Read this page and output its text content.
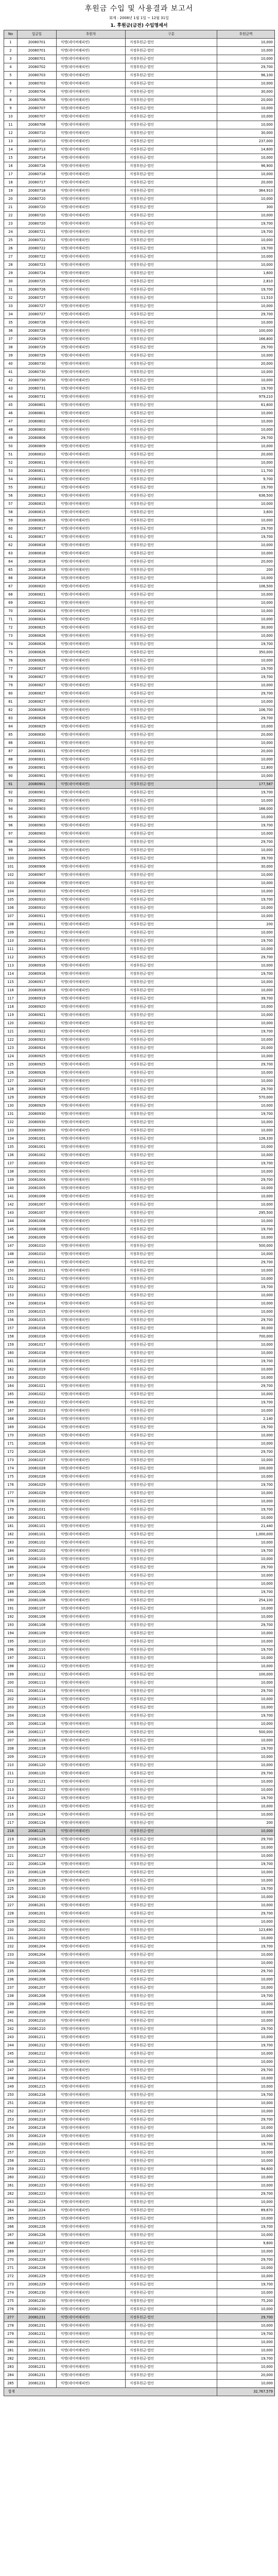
후원금 수입 및 사용결과 보고서
회계 : 2008년 1월 1일 ~ 12월 31일
1. 후원금(금전) 수입명세서
No	입금일	후원자	구분	후원금액
1	20080701	익명(네이버해피빈)	지정후원금-법인	10,000
2	20080701	익명(네이버해피빈)	지정후원금-법인	10,000
3	20080701	익명(네이버해피빈)	지정후원금-법인	10,000
4	20080702	익명(네이버해피빈)	지정후원금-법인	29,700
5	20080703	익명(네이버해피빈)	지정후원금-법인	96,100
6	20080703	익명(네이버해피빈)	지정후원금-법인	10,000
7	20080704	익명(네이버해피빈)	지정후원금-법인	30,000
8	20080706	익명(네이버해피빈)	지정후원금-법인	20,000
9	20080707	익명(네이버해피빈)	지정후원금-법인	10,000
10	20080707	익명(네이버해피빈)	지정후원금-법인	10,000
11	20080708	익명(네이버해피빈)	지정후원금-법인	10,000
12	20080710	익명(네이버해피빈)	지정후원금-법인	30,000
13	20080710	익명(네이버해피빈)	지정후원금-법인	237,000
14	20080713	익명(네이버해피빈)	지정후원금-법인	14,600
15	20080714	익명(네이버해피빈)	지정후원금-법인	10,000
16	20080716	익명(네이버해피빈)	지정후원금-법인	96,900
17	20080716	익명(네이버해피빈)	지정후원금-법인	10,000
18	20080717	익명(네이버해피빈)	지정후원금-법인	20,000
19	20080718	익명(네이버해피빈)	지정후원금-법인	364,910
20	20080720	익명(네이버해피빈)	지정후원금-법인	10,000
21	20080720	익명(네이버해피빈)	지정후원금-법인	300
22	20080720	익명(네이버해피빈)	지정후원금-법인	10,000
23	20080720	익명(네이버해피빈)	지정후원금-법인	19,700
24	20080721	익명(네이버해피빈)	지정후원금-법인	19,700
25	20080722	익명(네이버해피빈)	지정후원금-법인	10,000
26	20080722	익명(네이버해피빈)	지정후원금-법인	19,700
27	20080722	익명(네이버해피빈)	지정후원금-법인	10,000
28	20080723	익명(네이버해피빈)	지정후원금-법인	10,000
29	20080724	익명(네이버해피빈)	지정후원금-법인	1,600
30	20080725	익명(네이버해피빈)	지정후원금-법인	2,810
31	20080726	익명(네이버해피빈)	지정후원금-법인	19,700
32	20080727	익명(네이버해피빈)	지정후원금-법인	11,510
33	20080727	익명(네이버해피빈)	지정후원금-법인	10,000
34	20080727	익명(네이버해피빈)	지정후원금-법인	29,700
35	20080728	익명(네이버해피빈)	지정후원금-법인	10,000
36	20080728	익명(네이버해피빈)	지정후원금-법인	100,000
37	20080729	익명(네이버해피빈)	지정후원금-법인	166,800
38	20080729	익명(네이버해피빈)	지정후원금-법인	29,700
39	20080729	익명(네이버해피빈)	지정후원금-법인	10,000
40	20080730	익명(네이버해피빈)	지정후원금-법인	20,000
41	20080730	익명(네이버해피빈)	지정후원금-법인	10,000
42	20080730	익명(네이버해피빈)	지정후원금-법인	10,000
43	20080731	익명(네이버해피빈)	지정후원금-법인	19,700
44	20080731	익명(네이버해피빈)	지정후원금-법인	979,210
45	20080801	익명(네이버해피빈)	지정후원금-법인	61,600
46	20080801	익명(네이버해피빈)	지정후원금-법인	10,000
47	20080802	익명(네이버해피빈)	지정후원금-법인	10,000
48	20080803	익명(네이버해피빈)	지정후원금-법인	10,000
49	20080806	익명(네이버해피빈)	지정후원금-법인	29,700
50	20080809	익명(네이버해피빈)	지정후원금-법인	10,000
51	20080810	익명(네이버해피빈)	지정후원금-법인	20,000
52	20080811	익명(네이버해피빈)	지정후원금-법인	10,000
53	20080811	익명(네이버해피빈)	지정후원금-법인	11,700
54	20080811	익명(네이버해피빈)	지정후원금-법인	9,700
55	20080812	익명(네이버해피빈)	지정후원금-법인	19,700
56	20080813	익명(네이버해피빈)	지정후원금-법인	636,500
57	20080815	익명(네이버해피빈)	지정후원금-법인	10,000
58	20080815	익명(네이버해피빈)	지정후원금-법인	3,600
59	20080816	익명(네이버해피빈)	지정후원금-법인	10,000
60	20080817	익명(네이버해피빈)	지정후원금-법인	29,700
61	20080817	익명(네이버해피빈)	지정후원금-법인	19,700
62	20080818	익명(네이버해피빈)	지정후원금-법인	10,000
63	20080818	익명(네이버해피빈)	지정후원금-법인	10,000
64	20080818	익명(네이버해피빈)	지정후원금-법인	20,000
65	20080818	익명(네이버해피빈)	지정후원금-법인	200
66	20080818	익명(네이버해피빈)	지정후원금-법인	10,000
67	20080820	익명(네이버해피빈)	지정후원금-법인	106,500
68	20080821	익명(네이버해피빈)	지정후원금-법인	10,000
69	20080822	익명(네이버해피빈)	지정후원금-법인	10,000
70	20080824	익명(네이버해피빈)	지정후원금-법인	10,000
71	20080824	익명(네이버해피빈)	지정후원금-법인	10,000
72	20080825	익명(네이버해피빈)	지정후원금-법인	30,000
73	20080826	익명(네이버해피빈)	지정후원금-법인	10,000
74	20080826	익명(네이버해피빈)	지정후원금-법인	19,700
75	20080826	익명(네이버해피빈)	지정후원금-법인	350,000
76	20080826	익명(네이버해피빈)	지정후원금-법인	10,000
77	20080827	익명(네이버해피빈)	지정후원금-법인	19,700
78	20080827	익명(네이버해피빈)	지정후원금-법인	19,700
79	20080827	익명(네이버해피빈)	지정후원금-법인	10,000
80	20080827	익명(네이버해피빈)	지정후원금-법인	29,700
81	20080827	익명(네이버해피빈)	지정후원금-법인	10,000
82	20080828	익명(네이버해피빈)	지정후원금-법인	106,700
83	20080828	익명(네이버해피빈)	지정후원금-법인	29,700
84	20080829	익명(네이버해피빈)	지정후원금-법인	10,000
85	20080830	익명(네이버해피빈)	지정후원금-법인	20,000
86	20080831	익명(네이버해피빈)	지정후원금-법인	10,000
87	20080831	익명(네이버해피빈)	지정후원금-법인	20,000
88	20080831	익명(네이버해피빈)	지정후원금-법인	10,000
89	20080901	익명(네이버해피빈)	지정후원금-법인	12,800
90	20080901	익명(네이버해피빈)	지정후원금-법인	10,000
91	20080901	익명(네이버해피빈)	지정후원금-법인	177,587
92	20080901	익명(네이버해피빈)	지정후원금-법인	19,700
93	20080902	익명(네이버해피빈)	지정후원금-법인	10,000
94	20080903	익명(네이버해피빈)	지정후원금-법인	166,000
95	20080903	익명(네이버해피빈)	지정후원금-법인	10,000
96	20080903	익명(네이버해피빈)	지정후원금-법인	19,700
97	20080903	익명(네이버해피빈)	지정후원금-법인	10,000
98	20080904	익명(네이버해피빈)	지정후원금-법인	29,700
99	20080904	익명(네이버해피빈)	지정후원금-법인	10,000
100	20080905	익명(네이버해피빈)	지정후원금-법인	39,700
101	20080906	익명(네이버해피빈)	지정후원금-법인	30,000
102	20080907	익명(네이버해피빈)	지정후원금-법인	10,000
103	20080908	익명(네이버해피빈)	지정후원금-법인	10,000
104	20080910	익명(네이버해피빈)	지정후원금-법인	10,000
105	20080910	익명(네이버해피빈)	지정후원금-법인	19,700
106	20080910	익명(네이버해피빈)	지정후원금-법인	10,000
107	20080911	익명(네이버해피빈)	지정후원금-법인	10,000
108	20080911	익명(네이버해피빈)	지정후원금-법인	200
109	20080912	익명(네이버해피빈)	지정후원금-법인	10,000
110	20080913	익명(네이버해피빈)	지정후원금-법인	19,700
111	20080914	익명(네이버해피빈)	지정후원금-법인	10,000
112	20080915	익명(네이버해피빈)	지정후원금-법인	29,700
113	20080916	익명(네이버해피빈)	지정후원금-법인	10,000
114	20080916	익명(네이버해피빈)	지정후원금-법인	19,700
115	20080917	익명(네이버해피빈)	지정후원금-법인	10,000
116	20080918	익명(네이버해피빈)	지정후원금-법인	10,000
117	20080919	익명(네이버해피빈)	지정후원금-법인	39,700
118	20080920	익명(네이버해피빈)	지정후원금-법인	10,000
119	20080921	익명(네이버해피빈)	지정후원금-법인	10,000
120	20080922	익명(네이버해피빈)	지정후원금-법인	10,000
121	20080922	익명(네이버해피빈)	지정후원금-법인	19,700
122	20080923	익명(네이버해피빈)	지정후원금-법인	10,000
123	20080924	익명(네이버해피빈)	지정후원금-법인	20,000
124	20080925	익명(네이버해피빈)	지정후원금-법인	10,000
125	20080925	익명(네이버해피빈)	지정후원금-법인	29,700
126	20080926	익명(네이버해피빈)	지정후원금-법인	10,000
127	20080927	익명(네이버해피빈)	지정후원금-법인	10,000
128	20080928	익명(네이버해피빈)	지정후원금-법인	29,700
129	20080929	익명(네이버해피빈)	지정후원금-법인	570,000
130	20080929	익명(네이버해피빈)	지정후원금-법인	10,000
131	20080930	익명(네이버해피빈)	지정후원금-법인	19,700
132	20080930	익명(네이버해피빈)	지정후원금-법인	10,000
133	20080930	익명(네이버해피빈)	지정후원금-법인	10,000
134	20081001	익명(네이버해피빈)	지정후원금-법인	126,330
135	20081001	익명(네이버해피빈)	지정후원금-법인	10,000
136	20081002	익명(네이버해피빈)	지정후원금-법인	10,000
137	20081003	익명(네이버해피빈)	지정후원금-법인	19,700
138	20081003	익명(네이버해피빈)	지정후원금-법인	10,000
139	20081004	익명(네이버해피빈)	지정후원금-법인	29,700
140	20081005	익명(네이버해피빈)	지정후원금-법인	10,000
141	20081006	익명(네이버해피빈)	지정후원금-법인	10,000
142	20081007	익명(네이버해피빈)	지정후원금-법인	10,000
143	20081007	익명(네이버해피빈)	지정후원금-법인	295,500
144	20081008	익명(네이버해피빈)	지정후원금-법인	10,000
145	20081008	익명(네이버해피빈)	지정후원금-법인	19,700
146	20081009	익명(네이버해피빈)	지정후원금-법인	10,000
147	20081010	익명(네이버해피빈)	지정후원금-법인	500,000
148	20081010	익명(네이버해피빈)	지정후원금-법인	10,000
149	20081011	익명(네이버해피빈)	지정후원금-법인	29,700
150	20081011	익명(네이버해피빈)	지정후원금-법인	10,000
151	20081012	익명(네이버해피빈)	지정후원금-법인	10,000
152	20081012	익명(네이버해피빈)	지정후원금-법인	19,700
153	20081013	익명(네이버해피빈)	지정후원금-법인	10,000
154	20081014	익명(네이버해피빈)	지정후원금-법인	10,000
155	20081015	익명(네이버해피빈)	지정후원금-법인	10,000
156	20081015	익명(네이버해피빈)	지정후원금-법인	29,700
157	20081016	익명(네이버해피빈)	지정후원금-법인	30,000
158	20081016	익명(네이버해피빈)	지정후원금-법인	700,000
159	20081017	익명(네이버해피빈)	지정후원금-법인	10,000
160	20081018	익명(네이버해피빈)	지정후원금-법인	10,000
161	20081018	익명(네이버해피빈)	지정후원금-법인	19,700
162	20081019	익명(네이버해피빈)	지정후원금-법인	10,000
163	20081020	익명(네이버해피빈)	지정후원금-법인	10,000
164	20081021	익명(네이버해피빈)	지정후원금-법인	29,700
165	20081022	익명(네이버해피빈)	지정후원금-법인	10,000
166	20081022	익명(네이버해피빈)	지정후원금-법인	19,700
167	20081023	익명(네이버해피빈)	지정후원금-법인	10,000
168	20081024	익명(네이버해피빈)	지정후원금-법인	2,140
169	20081024	익명(네이버해피빈)	지정후원금-법인	19,700
170	20081025	익명(네이버해피빈)	지정후원금-법인	10,000
171	20081026	익명(네이버해피빈)	지정후원금-법인	10,000
172	20081026	익명(네이버해피빈)	지정후원금-법인	29,700
173	20081027	익명(네이버해피빈)	지정후원금-법인	10,000
174	20081028	익명(네이버해피빈)	지정후원금-법인	100,000
175	20081028	익명(네이버해피빈)	지정후원금-법인	10,000
176	20081029	익명(네이버해피빈)	지정후원금-법인	19,700
177	20081029	익명(네이버해피빈)	지정후원금-법인	10,000
178	20081030	익명(네이버해피빈)	지정후원금-법인	10,000
179	20081031	익명(네이버해피빈)	지정후원금-법인	19,700
180	20081031	익명(네이버해피빈)	지정후원금-법인	10,000
181	20081101	익명(네이버해피빈)	지정후원금-법인	21,440
182	20081101	익명(네이버해피빈)	지정후원금-법인	1,000,000
183	20081102	익명(네이버해피빈)	지정후원금-법인	10,000
184	20081102	익명(네이버해피빈)	지정후원금-법인	19,700
185	20081103	익명(네이버해피빈)	지정후원금-법인	10,000
186	20081104	익명(네이버해피빈)	지정후원금-법인	29,700
187	20081104	익명(네이버해피빈)	지정후원금-법인	10,000
188	20081105	익명(네이버해피빈)	지정후원금-법인	10,000
189	20081106	익명(네이버해피빈)	지정후원금-법인	19,700
190	20081106	익명(네이버해피빈)	지정후원금-법인	254,100
191	20081107	익명(네이버해피빈)	지정후원금-법인	10,000
192	20081108	익명(네이버해피빈)	지정후원금-법인	10,000
193	20081108	익명(네이버해피빈)	지정후원금-법인	29,700
194	20081109	익명(네이버해피빈)	지정후원금-법인	10,000
195	20081110	익명(네이버해피빈)	지정후원금-법인	10,000
196	20081110	익명(네이버해피빈)	지정후원금-법인	19,700
197	20081111	익명(네이버해피빈)	지정후원금-법인	10,000
198	20081112	익명(네이버해피빈)	지정후원금-법인	10,000
199	20081112	익명(네이버해피빈)	지정후원금-법인	100,000
200	20081113	익명(네이버해피빈)	지정후원금-법인	10,000
201	20081114	익명(네이버해피빈)	지정후원금-법인	29,700
202	20081114	익명(네이버해피빈)	지정후원금-법인	10,000
203	20081115	익명(네이버해피빈)	지정후원금-법인	10,000
204	20081116	익명(네이버해피빈)	지정후원금-법인	19,700
205	20081116	익명(네이버해피빈)	지정후원금-법인	10,000
206	20081117	익명(네이버해피빈)	지정후원금-법인	500,000
207	20081118	익명(네이버해피빈)	지정후원금-법인	10,000
208	20081118	익명(네이버해피빈)	지정후원금-법인	19,700
209	20081119	익명(네이버해피빈)	지정후원금-법인	10,000
210	20081120	익명(네이버해피빈)	지정후원금-법인	10,000
211	20081120	익명(네이버해피빈)	지정후원금-법인	29,700
212	20081121	익명(네이버해피빈)	지정후원금-법인	10,000
213	20081122	익명(네이버해피빈)	지정후원금-법인	10,000
214	20081122	익명(네이버해피빈)	지정후원금-법인	19,700
215	20081123	익명(네이버해피빈)	지정후원금-법인	10,000
216	20081124	익명(네이버해피빈)	지정후원금-법인	10,000
217	20081124	익명(네이버해피빈)	지정후원금-법인	200
218	20081125	익명(네이버해피빈)	지정후원금-법인	10,000
219	20081126	익명(네이버해피빈)	지정후원금-법인	29,700
220	20081126	익명(네이버해피빈)	지정후원금-법인	10,000
221	20081127	익명(네이버해피빈)	지정후원금-법인	10,000
222	20081128	익명(네이버해피빈)	지정후원금-법인	19,700
223	20081128	익명(네이버해피빈)	지정후원금-법인	10,000
224	20081129	익명(네이버해피빈)	지정후원금-법인	10,000
225	20081130	익명(네이버해피빈)	지정후원금-법인	19,700
226	20081130	익명(네이버해피빈)	지정후원금-법인	10,000
227	20081201	익명(네이버해피빈)	지정후원금-법인	10,000
228	20081201	익명(네이버해피빈)	지정후원금-법인	29,700
229	20081202	익명(네이버해피빈)	지정후원금-법인	10,000
230	20081202	익명(네이버해피빈)	지정후원금-법인	123,690
231	20081203	익명(네이버해피빈)	지정후원금-법인	10,000
232	20081204	익명(네이버해피빈)	지정후원금-법인	19,700
233	20081204	익명(네이버해피빈)	지정후원금-법인	10,000
234	20081205	익명(네이버해피빈)	지정후원금-법인	10,000
235	20081206	익명(네이버해피빈)	지정후원금-법인	29,700
236	20081206	익명(네이버해피빈)	지정후원금-법인	10,000
237	20081207	익명(네이버해피빈)	지정후원금-법인	10,000
238	20081208	익명(네이버해피빈)	지정후원금-법인	19,700
239	20081208	익명(네이버해피빈)	지정후원금-법인	10,000
240	20081209	익명(네이버해피빈)	지정후원금-법인	10,000
241	20081210	익명(네이버해피빈)	지정후원금-법인	10,000
242	20081210	익명(네이버해피빈)	지정후원금-법인	29,700
243	20081211	익명(네이버해피빈)	지정후원금-법인	10,000
244	20081212	익명(네이버해피빈)	지정후원금-법인	19,700
245	20081212	익명(네이버해피빈)	지정후원금-법인	10,000
246	20081213	익명(네이버해피빈)	지정후원금-법인	10,000
247	20081214	익명(네이버해피빈)	지정후원금-법인	29,700
248	20081214	익명(네이버해피빈)	지정후원금-법인	10,000
249	20081215	익명(네이버해피빈)	지정후원금-법인	10,000
250	20081216	익명(네이버해피빈)	지정후원금-법인	19,700
251	20081216	익명(네이버해피빈)	지정후원금-법인	10,000
252	20081217	익명(네이버해피빈)	지정후원금-법인	10,000
253	20081218	익명(네이버해피빈)	지정후원금-법인	29,700
254	20081218	익명(네이버해피빈)	지정후원금-법인	10,000
255	20081219	익명(네이버해피빈)	지정후원금-법인	10,000
256	20081220	익명(네이버해피빈)	지정후원금-법인	19,700
257	20081220	익명(네이버해피빈)	지정후원금-법인	10,000
258	20081221	익명(네이버해피빈)	지정후원금-법인	10,000
259	20081222	익명(네이버해피빈)	지정후원금-법인	94,600
260	20081222	익명(네이버해피빈)	지정후원금-법인	10,000
261	20081223	익명(네이버해피빈)	지정후원금-법인	10,000
262	20081223	익명(네이버해피빈)	지정후원금-법인	29,700
263	20081224	익명(네이버해피빈)	지정후원금-법인	10,000
264	20081224	익명(네이버해피빈)	지정후원금-법인	89,670
265	20081225	익명(네이버해피빈)	지정후원금-법인	10,000
266	20081226	익명(네이버해피빈)	지정후원금-법인	19,700
267	20081226	익명(네이버해피빈)	지정후원금-법인	10,000
268	20081227	익명(네이버해피빈)	지정후원금-법인	9,600
269	20081227	익명(네이버해피빈)	지정후원금-법인	10,000
270	20081228	익명(네이버해피빈)	지정후원금-법인	29,700
271	20081228	익명(네이버해피빈)	지정후원금-법인	10,000
272	20081229	익명(네이버해피빈)	지정후원금-법인	10,000
273	20081229	익명(네이버해피빈)	지정후원금-법인	19,700
274	20081230	익명(네이버해피빈)	지정후원금-법인	10,000
275	20081230	익명(네이버해피빈)	지정후원금-법인	75,200
276	20081230	익명(네이버해피빈)	지정후원금-법인	10,000
277	20081231	익명(네이버해피빈)	지정후원금-법인	29,700
278	20081231	익명(네이버해피빈)	지정후원금-법인	10,000
279	20081231	익명(네이버해피빈)	지정후원금-법인	19,700
280	20081231	익명(네이버해피빈)	지정후원금-법인	10,000
281	20081231	익명(네이버해피빈)	지정후원금-법인	10,000
282	20081231	익명(네이버해피빈)	지정후원금-법인	19,700
283	20081231	익명(네이버해피빈)	지정후원금-법인	10,000
284	20081231	익명(네이버해피빈)	지정후원금-법인	20,000
285	20081231	익명(네이버해피빈)	지정후원금-법인	10,000
합계				32,767,579
